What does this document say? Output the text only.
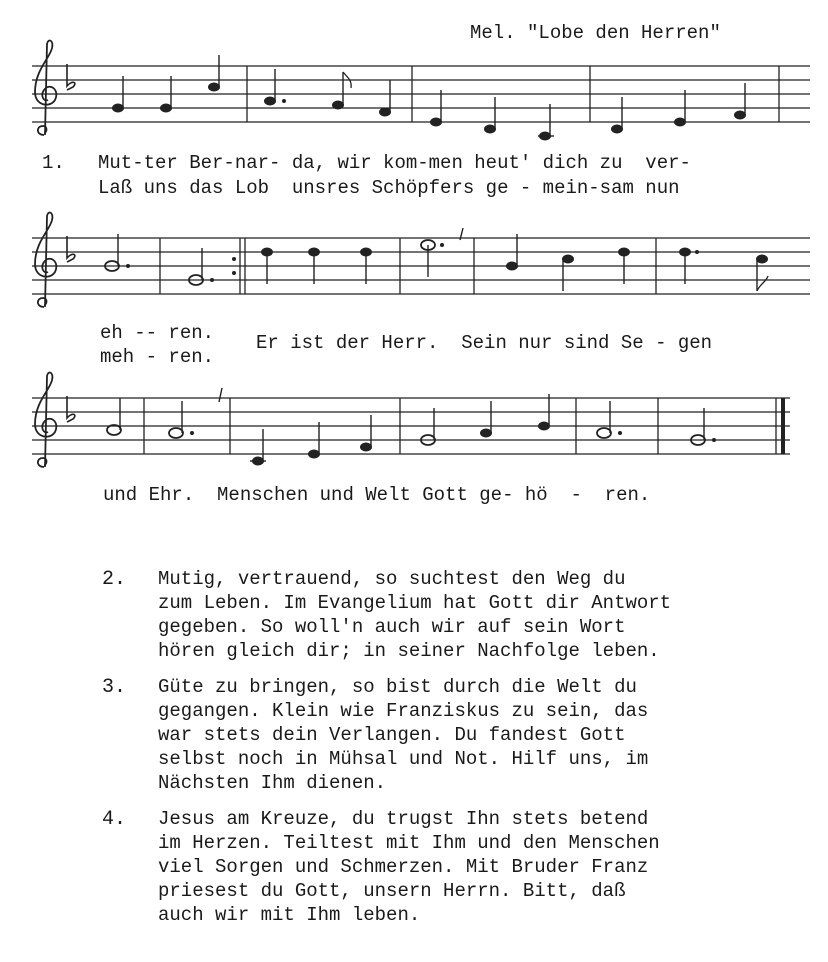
Mel. "Lobe den Herren"
1. Mut-ter Ber-nar- da, wir kom-men heut' dich zu  ver-
Laß uns das Lob  unsres Schöpfers ge - mein-sam nun
eh -- ren.
meh - ren.
Er ist der Herr.  Sein nur sind Se - gen
und Ehr.  Menschen und Welt Gott ge- hö  -  ren.
2. Mutig, vertrauend, so suchtest den Weg du
zum Leben. Im Evangelium hat Gott dir Antwort
gegeben. So woll'n auch wir auf sein Wort
hören gleich dir; in seiner Nachfolge leben.
3. Güte zu bringen, so bist durch die Welt du
gegangen. Klein wie Franziskus zu sein, das
war stets dein Verlangen. Du fandest Gott
selbst noch in Mühsal und Not. Hilf uns, im
Nächsten Ihm dienen.
4. Jesus am Kreuze, du trugst Ihn stets betend
im Herzen. Teiltest mit Ihm und den Menschen
viel Sorgen und Schmerzen. Mit Bruder Franz
priesest du Gott, unsern Herrn. Bitt, daß
auch wir mit Ihm leben.
